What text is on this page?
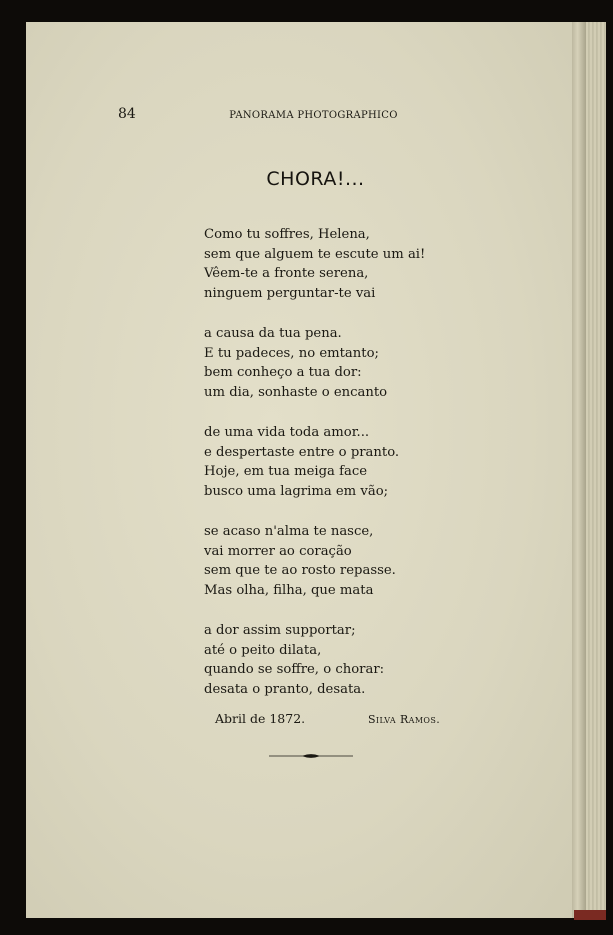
84	PANORAMA PHOTOGRAPHICO
CHORA!...
Como tu soffres, Helena,
sem que alguem te escute um ai!
Vêem-te a fronte serena,
ninguem perguntar-te vai
a causa da tua pena.
E tu padeces, no emtanto;
bem conheço a tua dor:
um dia, sonhaste o encanto
de uma vida toda amor...
e despertaste entre o pranto.
Hoje, em tua meiga face
busco uma lagrima em vão;
se acaso n'alma te nasce,
vai morrer ao coração
sem que te ao rosto repasse.
Mas olha, filha, que mata
a dor assim supportar;
até o peito dilata,
quando se soffre, o chorar:
desata o pranto, desata.
Abril de 1872.	Silva Ramos.
